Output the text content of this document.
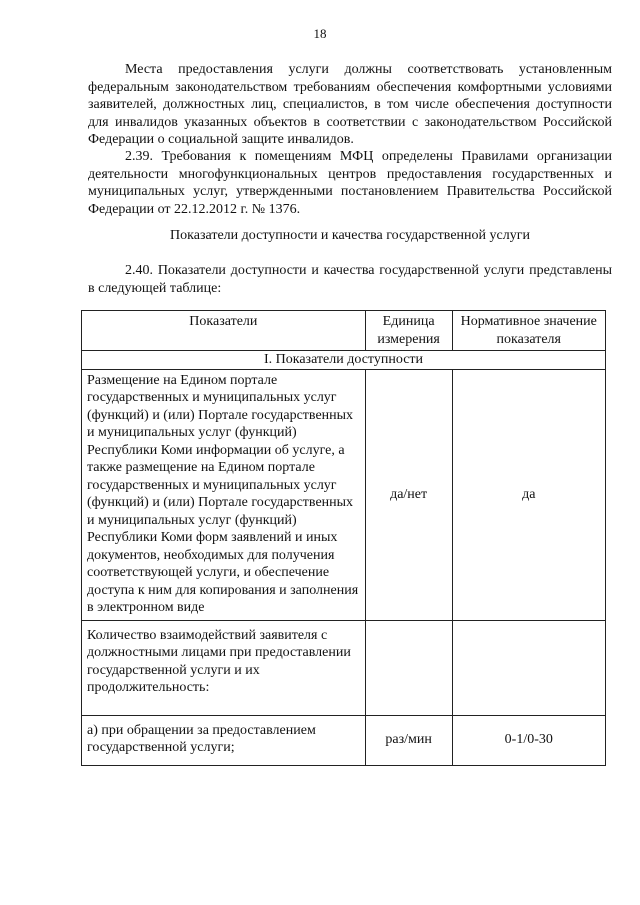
18
Места предоставления услуги должны соответствовать установленным федеральным законодательством требованиям обеспечения комфортными условиями заявителей, должностных лиц, специалистов, в том числе обеспечения доступности для инвалидов указанных объектов в соответствии с законодательством Российской Федерации о социальной защите инвалидов.
2.39. Требования к помещениям МФЦ определены Правилами организации деятельности многофункциональных центров предоставления государственных и муниципальных услуг, утвержденными постановлением Правительства Российской Федерации от 22.12.2012 г. № 1376.
Показатели доступности и качества государственной услуги
2.40. Показатели доступности и качества государственной услуги представлены в следующей таблице:
Показатели	Единица измерения	Нормативное значение показателя
I. Показатели доступности		
Размещение на Едином портале государственных и муниципальных услуг (функций) и (или) Портале государственных и муниципальных услуг (функций) Республики Коми информации об услуге, а также размещение на Едином портале государственных и муниципальных услуг (функций) и (или) Портале государственных и муниципальных услуг (функций) Республики Коми форм заявлений и иных документов, необходимых для получения соответствующей услуги, и обеспечение доступа к ним для копирования и заполнения в электронном виде	да/нет	да
Количество взаимодействий заявителя с должностными лицами при предоставлении государственной услуги и их продолжительность:		
а) при обращении за предоставлением государственной услуги;	раз/мин	0-1/0-30
